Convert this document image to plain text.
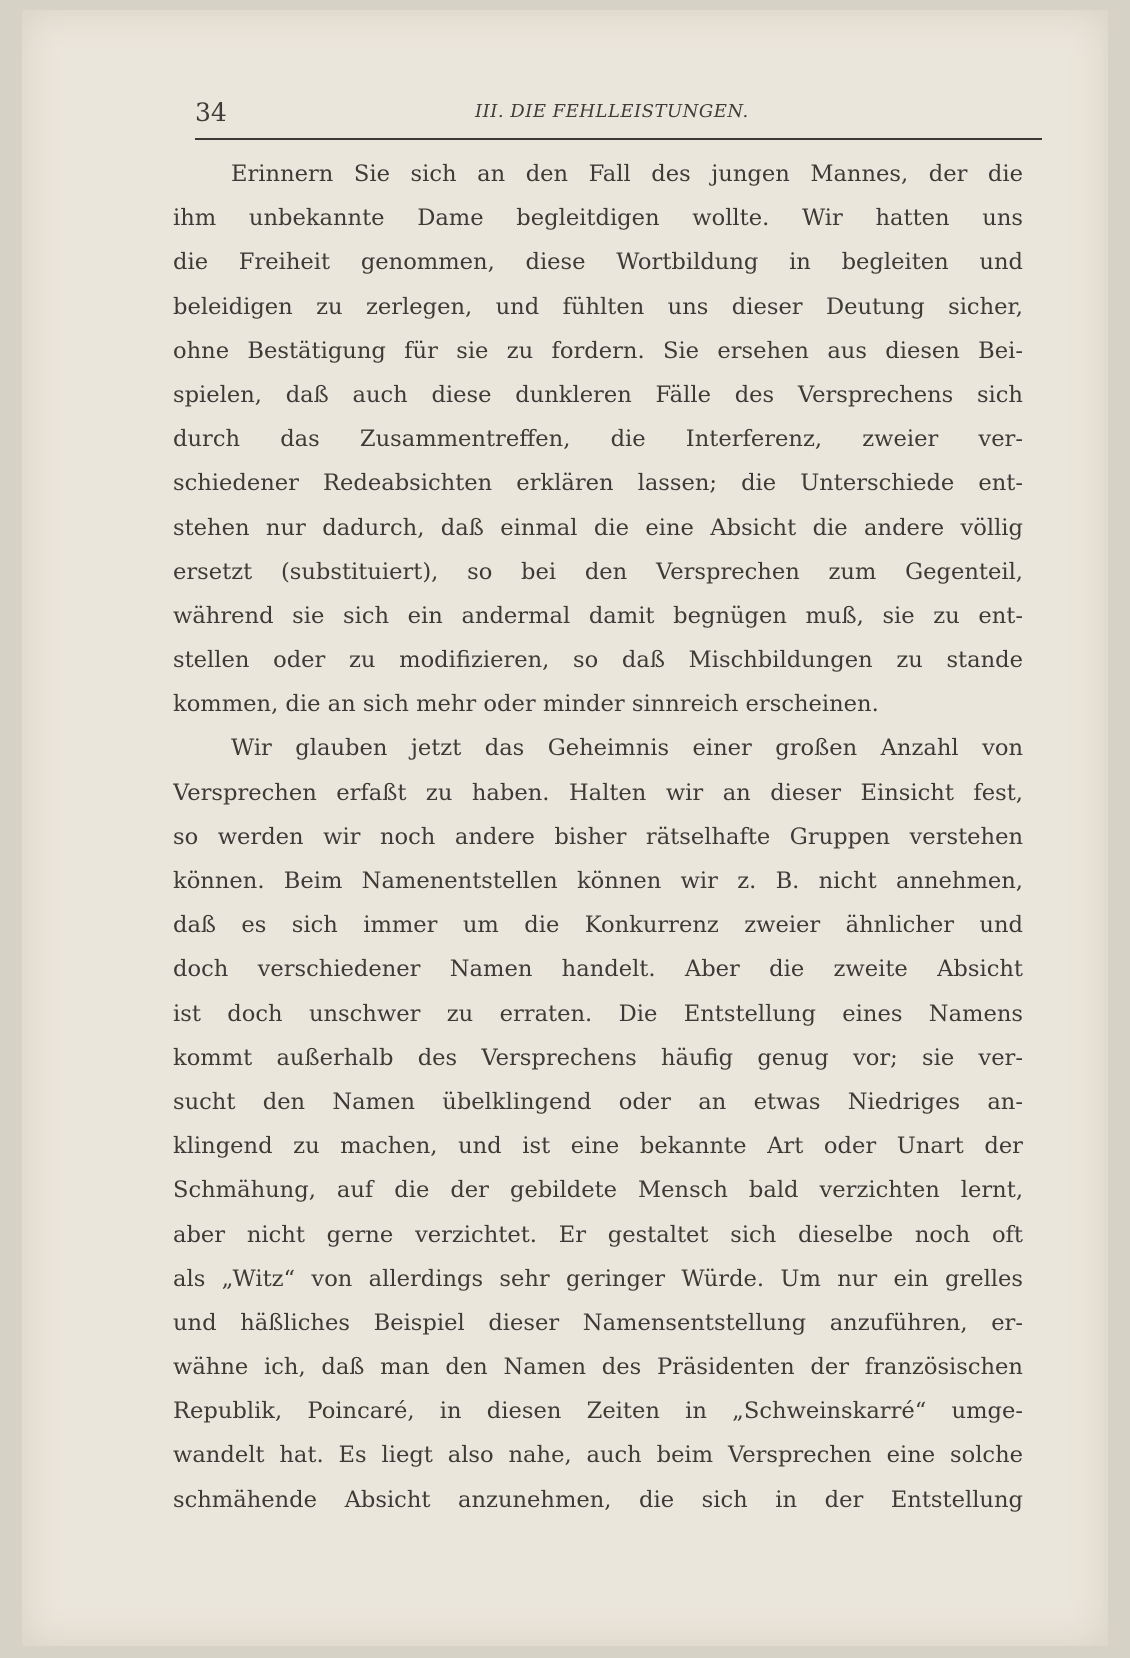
34	III. DIE FEHLLEISTUNGEN.
Erinnern Sie sich an den Fall des jungen Mannes, der die
ihm unbekannte Dame begleitdigen wollte. Wir hatten uns
die Freiheit genommen, diese Wortbildung in begleiten und
beleidigen zu zerlegen, und fühlten uns dieser Deutung sicher,
ohne Bestätigung für sie zu fordern. Sie ersehen aus diesen Bei-
spielen, daß auch diese dunkleren Fälle des Versprechens sich
durch das Zusammentreffen, die Interferenz, zweier ver-
schiedener Redeabsichten erklären lassen; die Unterschiede ent-
stehen nur dadurch, daß einmal die eine Absicht die andere völlig
ersetzt (substituiert), so bei den Versprechen zum Gegenteil,
während sie sich ein andermal damit begnügen muß, sie zu ent-
stellen oder zu modifizieren, so daß Mischbildungen zu stande
kommen, die an sich mehr oder minder sinnreich erscheinen.
Wir glauben jetzt das Geheimnis einer großen Anzahl von
Versprechen erfaßt zu haben. Halten wir an dieser Einsicht fest,
so werden wir noch andere bisher rätselhafte Gruppen verstehen
können. Beim Namenentstellen können wir z. B. nicht annehmen,
daß es sich immer um die Konkurrenz zweier ähnlicher und
doch verschiedener Namen handelt. Aber die zweite Absicht
ist doch unschwer zu erraten. Die Entstellung eines Namens
kommt außerhalb des Versprechens häufig genug vor; sie ver-
sucht den Namen übelklingend oder an etwas Niedriges an-
klingend zu machen, und ist eine bekannte Art oder Unart der
Schmähung, auf die der gebildete Mensch bald verzichten lernt,
aber nicht gerne verzichtet. Er gestaltet sich dieselbe noch oft
als „Witz“ von allerdings sehr geringer Würde. Um nur ein grelles
und häßliches Beispiel dieser Namensentstellung anzuführen, er-
wähne ich, daß man den Namen des Präsidenten der französischen
Republik, Poincaré, in diesen Zeiten in „Schweinskarré“ umge-
wandelt hat. Es liegt also nahe, auch beim Versprechen eine solche
schmähende Absicht anzunehmen, die sich in der Entstellung
